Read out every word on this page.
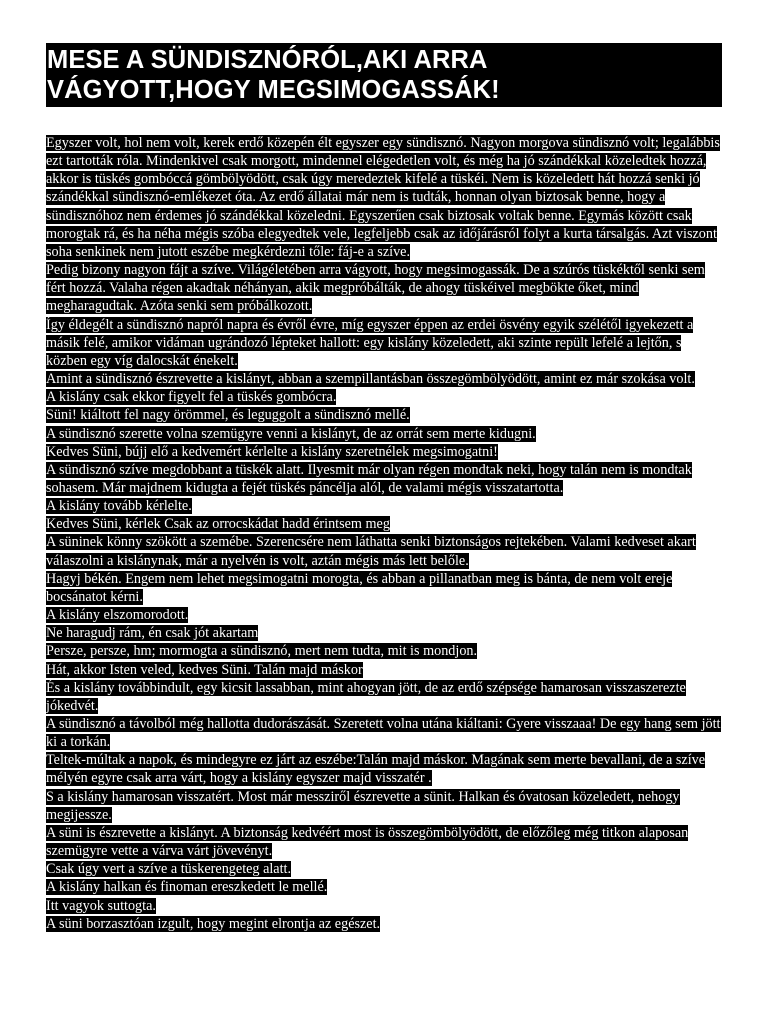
MESE A SÜNDISZNÓRÓL,AKI ARRA
VÁGYOTT,HOGY MEGSIMOGASSÁK!

Egyszer volt, hol nem volt, kerek erdő közepén élt egyszer egy sündisznó. Nagyon morgova sündisznó volt; legalábbis ezt tartották róla. Mindenkivel csak morgott, mindennel elégedetlen volt, és még ha jó szándékkal közeledtek hozzá, akkor is tüskés gombóccá gömbölyödött, csak úgy meredeztek kifelé a tüskéi. Nem is közeledett hát hozzá senki jó szándékkal sündisznó-emlékezet óta. Az erdő állatai már nem is tudták, honnan olyan biztosak benne, hogy a sündisznóhoz nem érdemes jó szándékkal közeledni. Egyszerűen csak biztosak voltak benne. Egymás között csak morogtak rá, és ha néha mégis szóba elegyedtek vele, legfeljebb csak az időjárásról folyt a kurta társalgás. Azt viszont soha senkinek nem jutott eszébe megkérdezni tőle: fáj-e a szíve.

Pedig bizony nagyon fájt a szíve. Világéletében arra vágyott, hogy megsimogassák. De a szúrós tüskéktől senki sem fért hozzá. Valaha régen akadtak néhányan, akik megpróbálták, de ahogy tüskéivel megbökte őket, mind megharagudtak. Azóta senki sem próbálkozott.

Így éldegélt a sündisznó napról napra és évről évre, míg egyszer éppen az erdei ösvény egyik szélétől igyekezett a másik felé, amikor vidáman ugrándozó lépteket hallott: egy kislány közeledett, aki szinte repült lefelé a lejtőn, s közben egy víg dalocskát énekelt.

Amint a sündisznó észrevette a kislányt, abban a szempillantásban összegömbölyödött, amint ez már szokása volt.

A kislány csak ekkor figyelt fel a tüskés gombócra.

Süni! kiáltott fel nagy örömmel, és leguggolt a sündisznó mellé.

A sündisznó szerette volna szemügyre venni a kislányt, de az orrát sem merte kidugni.

Kedves Süni, bújj elő a kedvemért kérlelte a kislány szeretnélek megsimogatni!

A sündisznó szíve megdobbant a tüskék alatt. Ilyesmit már olyan régen mondtak neki, hogy talán nem is mondtak sohasem. Már majdnem kidugta a fejét tüskés páncélja alól, de valami mégis visszatartotta.

A kislány tovább kérlelte.

Kedves Süni, kérlek Csak az orrocskádat hadd érintsem meg

A süninek könny szökött a szemébe. Szerencsére nem láthatta senki biztonságos rejtekében. Valami kedveset akart válaszolni a kislánynak, már a nyelvén is volt, aztán mégis más lett belőle.

Hagyj békén. Engem nem lehet megsimogatni morogta, és abban a pillanatban meg is bánta, de nem volt ereje bocsánatot kérni.

A kislány elszomorodott.

Ne haragudj rám, én csak jót akartam

Persze, persze, hm; mormogta a sündisznó, mert nem tudta, mit is mondjon.

Hát, akkor Isten veled, kedves Süni. Talán majd máskor

És a kislány továbbindult, egy kicsit lassabban, mint ahogyan jött, de az erdő szépsége hamarosan visszaszerezte jókedvét.

A sündisznó a távolból még hallotta dudorászását. Szeretett volna utána kiáltani: Gyere visszaaa! De egy hang sem jött ki a torkán.

Teltek-múltak a napok, és mindegyre ez járt az eszébe:Talán majd máskor. Magának sem merte bevallani, de a szíve mélyén egyre csak arra várt, hogy a kislány egyszer majd visszatér .

S a kislány hamarosan visszatért. Most már messziről észrevette a sünit. Halkan és óvatosan közeledett, nehogy megijessze.

A süni is észrevette a kislányt. A biztonság kedvéért most is összegömbölyödött, de előzőleg még titkon alaposan szemügyre vette a várva várt jövevényt.

Csak úgy vert a szíve a tüskerengeteg alatt.

A kislány halkan és finoman ereszkedett le mellé.

Itt vagyok suttogta.

A süni borzasztóan izgult, hogy megint elrontja az egészet.
